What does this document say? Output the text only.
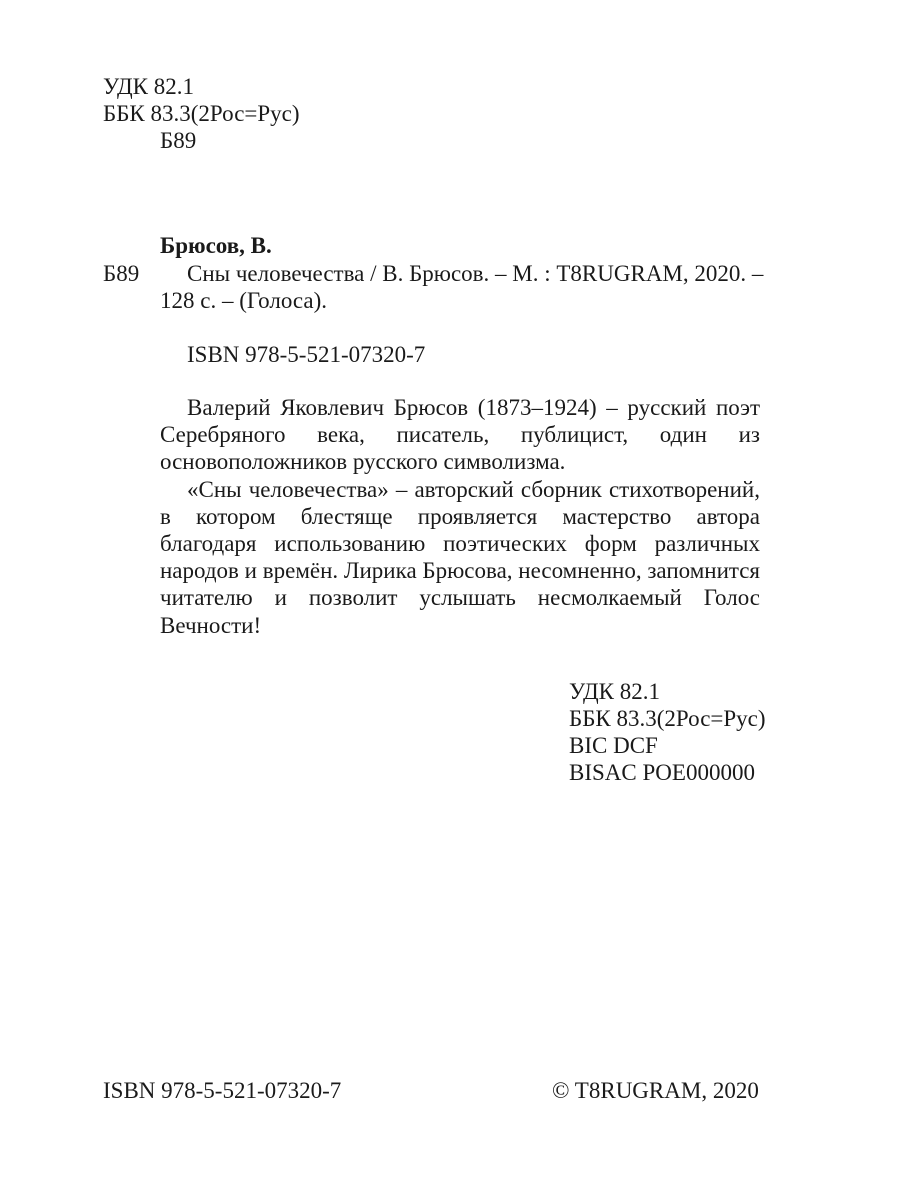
УДК 82.1
ББК 83.3(2Рос=Рус)
Б89
Брюсов, В.
Б89 Сны человечества / В. Брюсов. – М. : T8RUGRAM, 2020. –
128 с. – (Голоса).
ISBN 978-5-521-07320-7

Валерий Яковлевич Брюсов (1873–1924) – русский поэт Серебряного века, писатель, публицист, один из основоположников русского символизма.

«Сны человечества» – авторский сборник стихотворений, в котором блестяще проявляется мастерство автора благодаря использованию поэтических форм различных народов и времён. Лирика Брюсова, несомненно, запомнится читателю и позволит услышать несмолкаемый Голос Вечности!

УДК 82.1
ББК 83.3(2Рос=Рус)
BIC DCF
BISAC POE000000
ISBN 978-5-521-07320-7	© T8RUGRAM, 2020
